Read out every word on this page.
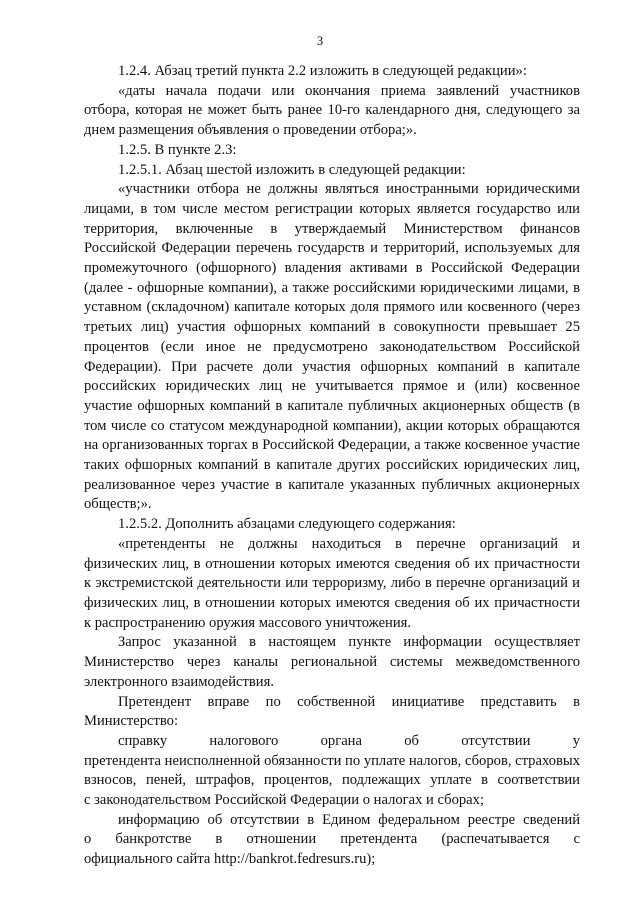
3

1.2.4. Абзац третий пункта 2.2 изложить в следующей редакции»:

«даты начала подачи или окончания приема заявлений участников отбора, которая не может быть ранее 10-го календарного дня, следующего за днем размещения объявления о проведении отбора;».

1.2.5. В пункте 2.3:

1.2.5.1. Абзац шестой изложить в следующей редакции:

«участники отбора не должны являться иностранными юридическими лицами, в том числе местом регистрации которых является государство или территория, включенные в утверждаемый Министерством финансов Российской Федерации перечень государств и территорий, используемых для промежуточного (офшорного) владения активами в Российской Федерации (далее - офшорные компании), а также российскими юридическими лицами, в уставном (складочном) капитале которых доля прямого или косвенного (через третьих лиц) участия офшорных компаний в совокупности превышает 25 процентов (если иное не предусмотрено законодательством Российской Федерации). При расчете доли участия офшорных компаний в капитале российских юридических лиц не учитывается прямое и (или) косвенное участие офшорных компаний в капитале публичных акционерных обществ (в том числе со статусом международной компании), акции которых обращаются на организованных торгах в Российской Федерации, а также косвенное участие таких офшорных компаний в капитале других российских юридических лиц, реализованное через участие в капитале указанных публичных акционерных обществ;».

1.2.5.2. Дополнить абзацами следующего содержания:

«претенденты не должны находиться в перечне организаций и физических лиц, в отношении которых имеются сведения об их причастности к экстремистской деятельности или терроризму, либо в перечне организаций и физических лиц, в отношении которых имеются сведения об их причастности к распространению оружия массового уничтожения.

Запрос указанной в настоящем пункте информации осуществляет Министерство через каналы региональной системы межведомственного электронного взаимодействия.

Претендент вправе по собственной инициативе представить в Министерство:

справку налогового органа об отсутствии у
претендента неисполненной обязанности по уплате налогов, сборов, страховых
взносов, пеней, штрафов, процентов, подлежащих уплате в соответствии
с законодательством Российской Федерации о налогах и сборах;

информацию об отсутствии в Едином федеральном реестре сведений
о банкротстве в отношении претендента (распечатывается с
официального сайта http://bankrot.fedresurs.ru);
